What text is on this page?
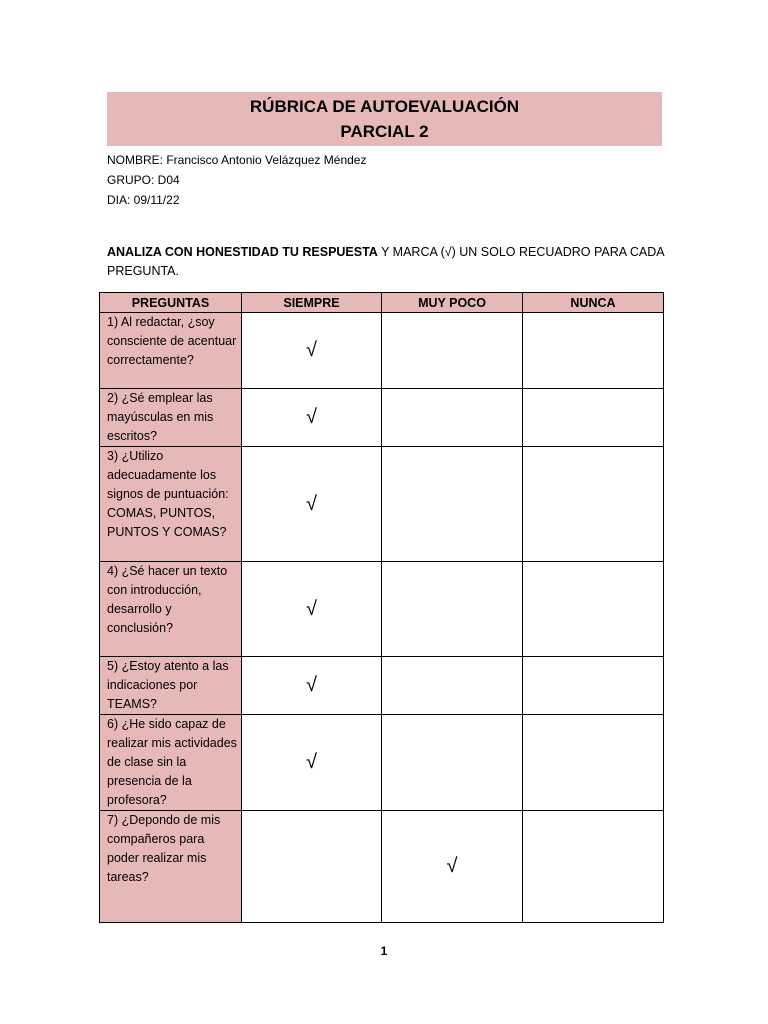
RÚBRICA DE AUTOEVALUACIÓN
PARCIAL 2
NOMBRE: Francisco Antonio Velázquez Méndez
GRUPO: D04
DIA: 09/11/22
ANALIZA CON HONESTIDAD TU RESPUESTA Y MARCA (√) UN SOLO RECUADRO PARA CADA PREGUNTA.
PREGUNTAS	SIEMPRE	MUY POCO	NUNCA
1) Al redactar, ¿soy consciente de acentuar correctamente?	√		
2) ¿Sé emplear las mayúsculas en mis escritos?	√		
3) ¿Utilizo adecuadamente los signos de puntuación: COMAS, PUNTOS, PUNTOS Y COMAS?	√		
4) ¿Sé hacer un texto con introducción, desarrollo y conclusión?	√		
5) ¿Estoy atento a las indicaciones por TEAMS?	√		
6) ¿He sido capaz de realizar mis actividades de clase sin la presencia de la profesora?	√		
7) ¿Depondo de mis compañeros para poder realizar mis tareas?		√	
1
